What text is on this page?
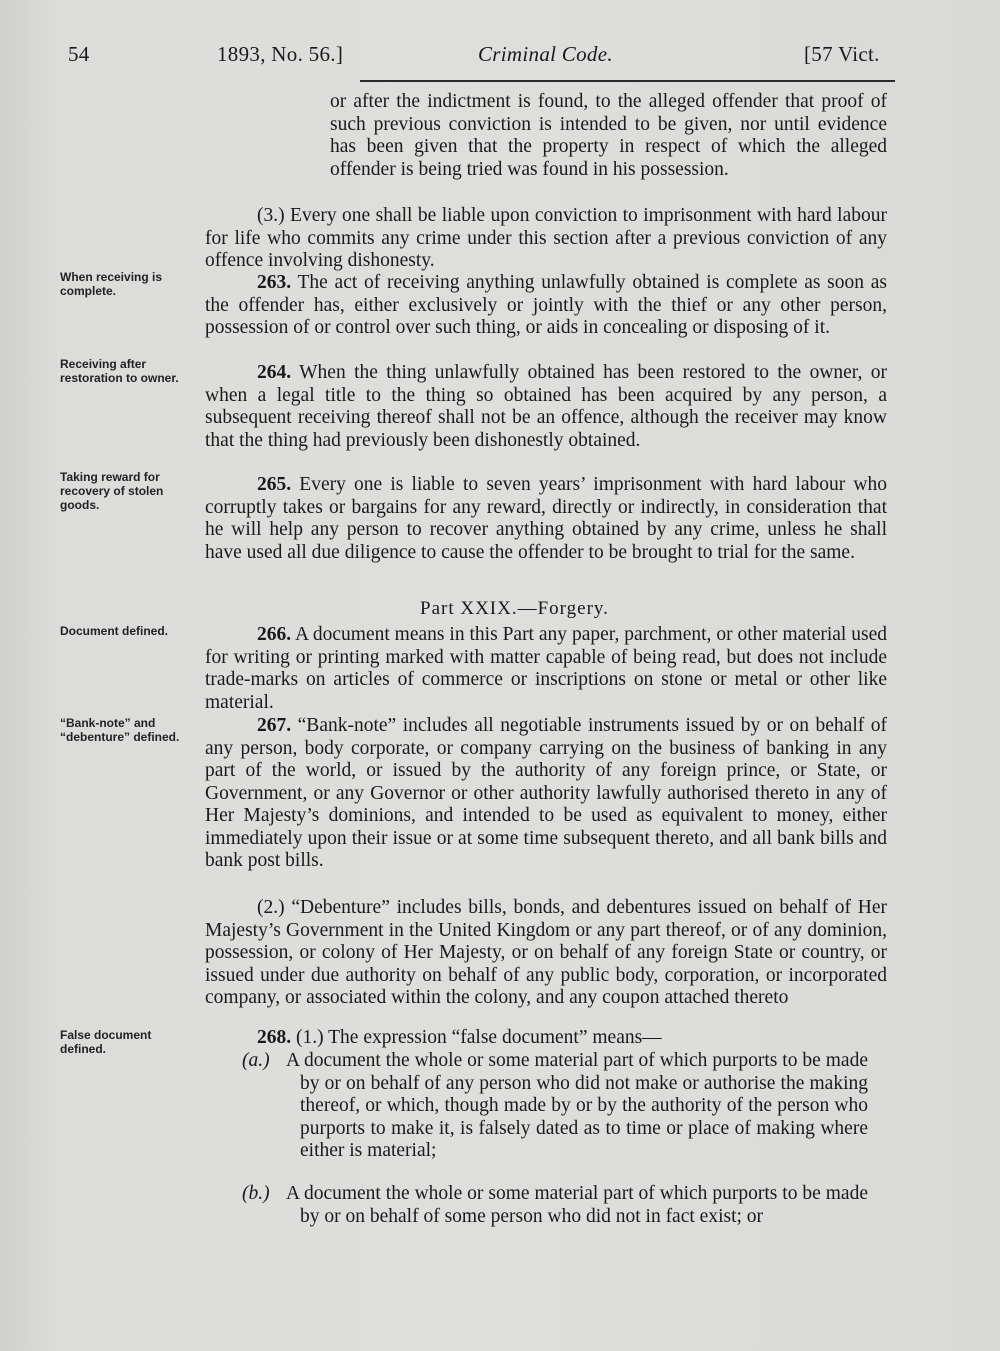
54	1893, No. 56.]	Criminal Code.	[57 Vict.
When receiving is complete.
Receiving after restoration to owner.
Taking reward for recovery of stolen goods.
Document defined.
“Bank-note” and “debenture” defined.
False document defined.

or after the indictment is found, to the alleged offender that proof of such previous conviction is intended to be given, nor until evidence has been given that the property in respect of which the alleged offender is being tried was found in his possession.

(3.) Every one shall be liable upon conviction to imprisonment with hard labour for life who commits any crime under this section after a previous conviction of any offence involving dishonesty.

263. The act of receiving anything unlawfully obtained is complete as soon as the offender has, either exclusively or jointly with the thief or any other person, possession of or control over such thing, or aids in concealing or disposing of it.

264. When the thing unlawfully obtained has been restored to the owner, or when a legal title to the thing so obtained has been acquired by any person, a subsequent receiving thereof shall not be an offence, although the receiver may know that the thing had previously been dishonestly obtained.

265. Every one is liable to seven years’ imprisonment with hard labour who corruptly takes or bargains for any reward, directly or indirectly, in consideration that he will help any person to recover anything obtained by any crime, unless he shall have used all due diligence to cause the offender to be brought to trial for the same.

Part XXIX.—Forgery.

266. A document means in this Part any paper, parchment, or other material used for writing or printing marked with matter capable of being read, but does not include trade-marks on articles of commerce or inscriptions on stone or metal or other like material.

267. “Bank-note” includes all negotiable instruments issued by or on behalf of any person, body corporate, or company carrying on the business of banking in any part of the world, or issued by the authority of any foreign prince, or State, or Government, or any Governor or other authority lawfully authorised thereto in any of Her Majesty’s dominions, and intended to be used as equivalent to money, either immediately upon their issue or at some time subsequent thereto, and all bank bills and bank post bills.

(2.) “Debenture” includes bills, bonds, and debentures issued on behalf of Her Majesty’s Government in the United Kingdom or any part thereof, or of any dominion, possession, or colony of Her Majesty, or on behalf of any foreign State or country, or issued under due authority on behalf of any public body, corporation, or incorporated company, or associated within the colony, and any coupon attached thereto

268. (1.) The expression “false document” means—

(a.) A document the whole or some material part of which purports to be made by or on behalf of any person who did not make or authorise the making thereof, or which, though made by or by the authority of the person who purports to make it, is falsely dated as to time or place of making where either is material;

(b.) A document the whole or some material part of which purports to be made by or on behalf of some person who did not in fact exist; or
